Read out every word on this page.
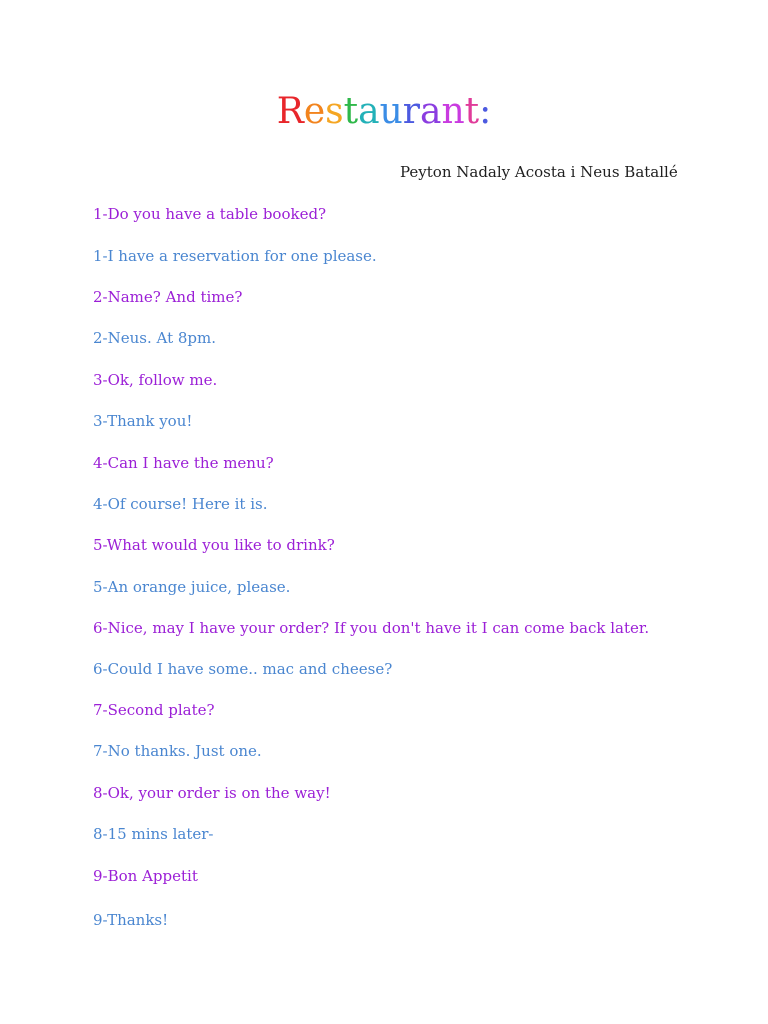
Restaurant:
Peyton Nadaly Acosta i Neus Batallé
1-Do you have a table booked?
1-I have a reservation for one please.
2-Name? And time?
2-Neus. At 8pm.
3-Ok, follow me.
3-Thank you!
4-Can I have the menu?
4-Of course! Here it is.
5-What would you like to drink?
5-An orange juice, please.
6-Nice, may I have your order? If you don't have it I can come back later.
6-Could I have some.. mac and cheese?
7-Second plate?
7-No thanks. Just one.
8-Ok, your order is on the way!
8-15 mins later-
9-Bon Appetit
9-Thanks!
